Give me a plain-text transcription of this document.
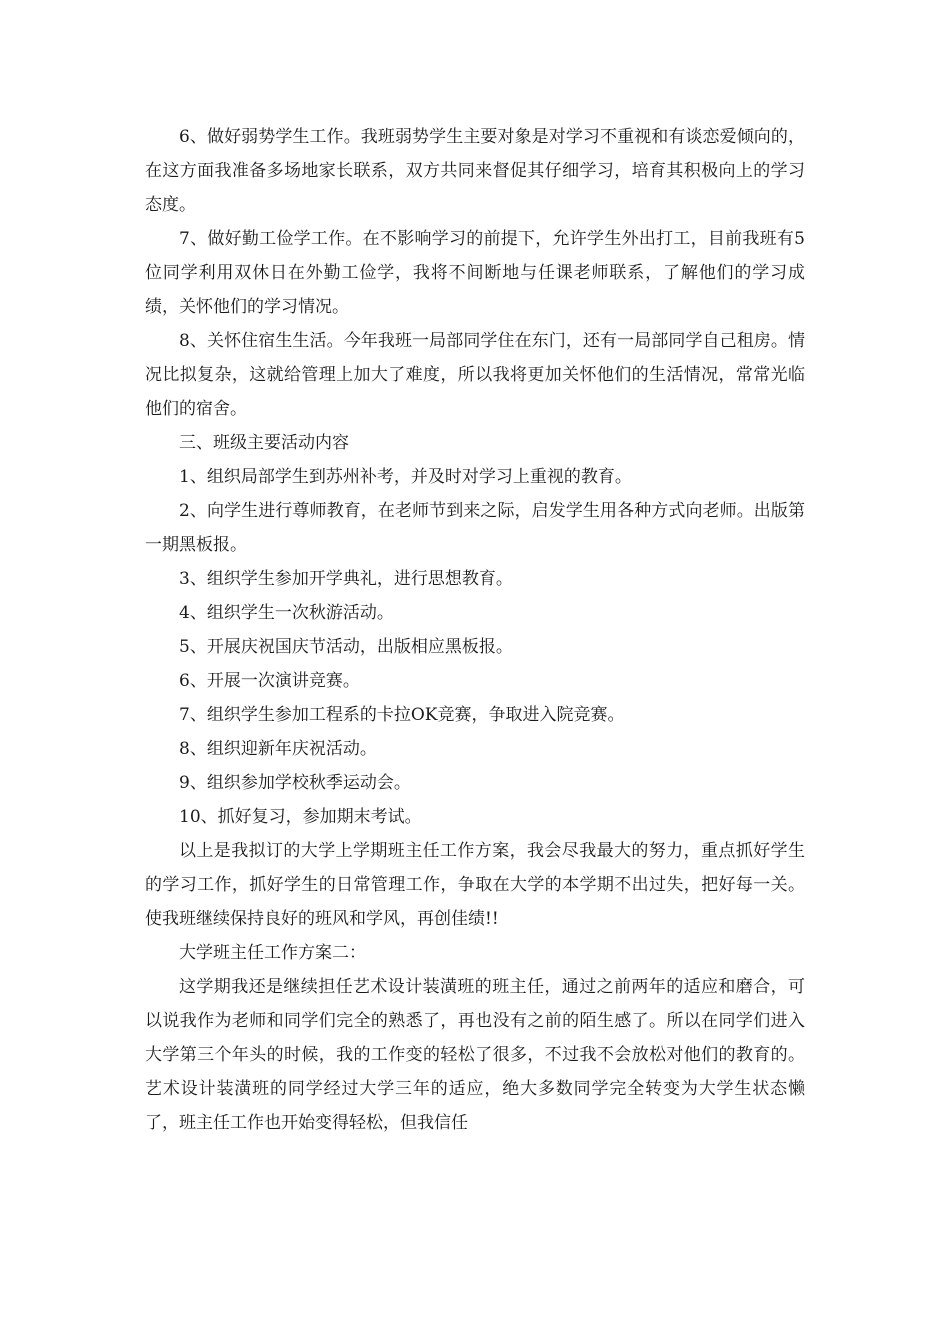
6、做好弱势学生工作。我班弱势学生主要对象是对学习不重视和有谈恋爱倾向的，在这方面我准备多场地家长联系，双方共同来督促其仔细学习，培育其积极向上的学习态度。

7、做好勤工俭学工作。在不影响学习的前提下，允许学生外出打工，目前我班有5位同学利用双休日在外勤工俭学，我将不间断地与任课老师联系，了解他们的学习成绩，关怀他们的学习情况。

8、关怀住宿生生活。今年我班一局部同学住在东门，还有一局部同学自己租房。情况比拟复杂，这就给管理上加大了难度，所以我将更加关怀他们的生活情况，常常光临他们的宿舍。

三、班级主要活动内容

1、组织局部学生到苏州补考，并及时对学习上重视的教育。

2、向学生进行尊师教育，在老师节到来之际，启发学生用各种方式向老师。出版第一期黑板报。

3、组织学生参加开学典礼，进行思想教育。

4、组织学生一次秋游活动。

5、开展庆祝国庆节活动，出版相应黑板报。

6、开展一次演讲竞赛。

7、组织学生参加工程系的卡拉OK竞赛，争取进入院竞赛。

8、组织迎新年庆祝活动。

9、组织参加学校秋季运动会。

10、抓好复习，参加期末考试。

以上是我拟订的大学上学期班主任工作方案，我会尽我最大的努力，重点抓好学生的学习工作，抓好学生的日常管理工作，争取在大学的本学期不出过失，把好每一关。使我班继续保持良好的班风和学风，再创佳绩!!

大学班主任工作方案二：

这学期我还是继续担任艺术设计装潢班的班主任，通过之前两年的适应和磨合，可以说我作为老师和同学们完全的熟悉了，再也没有之前的陌生感了。所以在同学们进入大学第三个年头的时候，我的工作变的轻松了很多，不过我不会放松对他们的教育的。 艺术设计装潢班的同学经过大学三年的适应，绝大多数同学完全转变为大学生状态懒了，班主任工作也开始变得轻松，但我信任
